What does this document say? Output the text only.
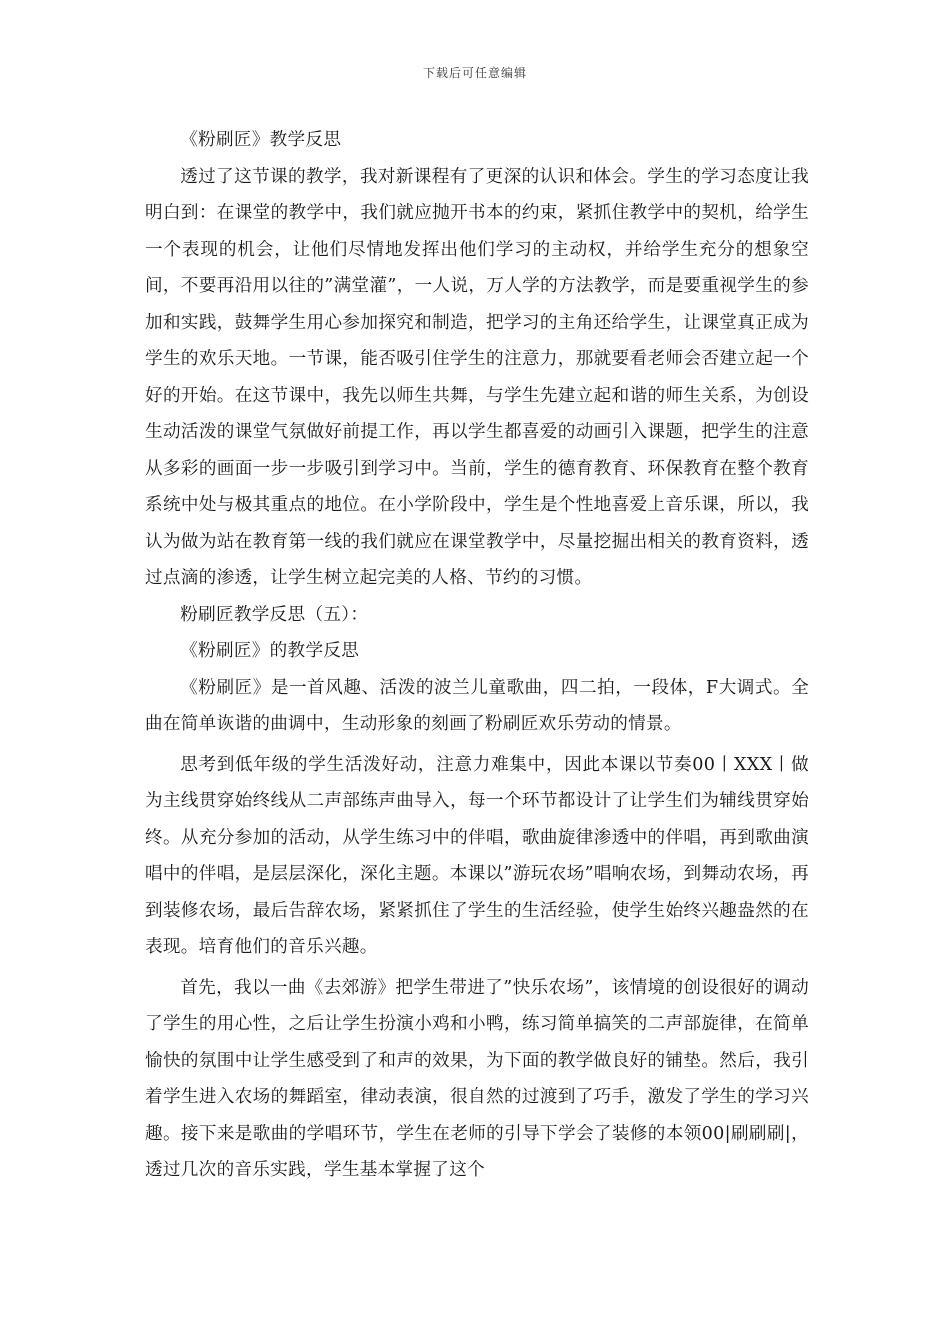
下载后可任意编辑

《粉刷匠》教学反思

透过了这节课的教学，我对新课程有了更深的认识和体会。学生的学习态度让我明白到：在课堂的教学中，我们就应抛开书本的约束，紧抓住教学中的契机，给学生一个表现的机会，让他们尽情地发挥出他们学习的主动权，并给学生充分的想象空间，不要再沿用以往的”满堂灌”，一人说，万人学的方法教学，而是要重视学生的参加和实践，鼓舞学生用心参加探究和制造，把学习的主角还给学生，让课堂真正成为学生的欢乐天地。一节课，能否吸引住学生的注意力，那就要看老师会否建立起一个好的开始。在这节课中，我先以师生共舞，与学生先建立起和谐的师生关系，为创设生动活泼的课堂气氛做好前提工作，再以学生都喜爱的动画引入课题，把学生的注意从多彩的画面一步一步吸引到学习中。当前，学生的德育教育、环保教育在整个教育系统中处与极其重点的地位。在小学阶段中，学生是个性地喜爱上音乐课，所以，我认为做为站在教育第一线的我们就应在课堂教学中，尽量挖掘出相关的教育资料，透过点滴的渗透，让学生树立起完美的人格、节约的习惯。

粉刷匠教学反思（五）：

《粉刷匠》的教学反思

《粉刷匠》是一首风趣、活泼的波兰儿童歌曲，四二拍，一段体，F大调式。全曲在简单诙谐的曲调中，生动形象的刻画了粉刷匠欢乐劳动的情景。

思考到低年级的学生活泼好动，注意力难集中，因此本课以节奏00丨XXX丨做为主线贯穿始终线从二声部练声曲导入，每一个环节都设计了让学生们为辅线贯穿始终。从充分参加的活动，从学生练习中的伴唱，歌曲旋律渗透中的伴唱，再到歌曲演唱中的伴唱，是层层深化，深化主题。本课以”游玩农场”唱响农场，到舞动农场，再到装修农场，最后告辞农场，紧紧抓住了学生的生活经验，使学生始终兴趣盎然的在表现。培育他们的音乐兴趣。

首先，我以一曲《去郊游》把学生带进了”快乐农场”，该情境的创设很好的调动了学生的用心性，之后让学生扮演小鸡和小鸭，练习简单搞笑的二声部旋律，在简单愉快的氛围中让学生感受到了和声的效果，为下面的教学做良好的铺垫。然后，我引着学生进入农场的舞蹈室，律动表演，很自然的过渡到了巧手，激发了学生的学习兴趣。接下来是歌曲的学唱环节，学生在老师的引导下学会了装修的本领00|刷刷刷|，透过几次的音乐实践，学生基本掌握了这个
